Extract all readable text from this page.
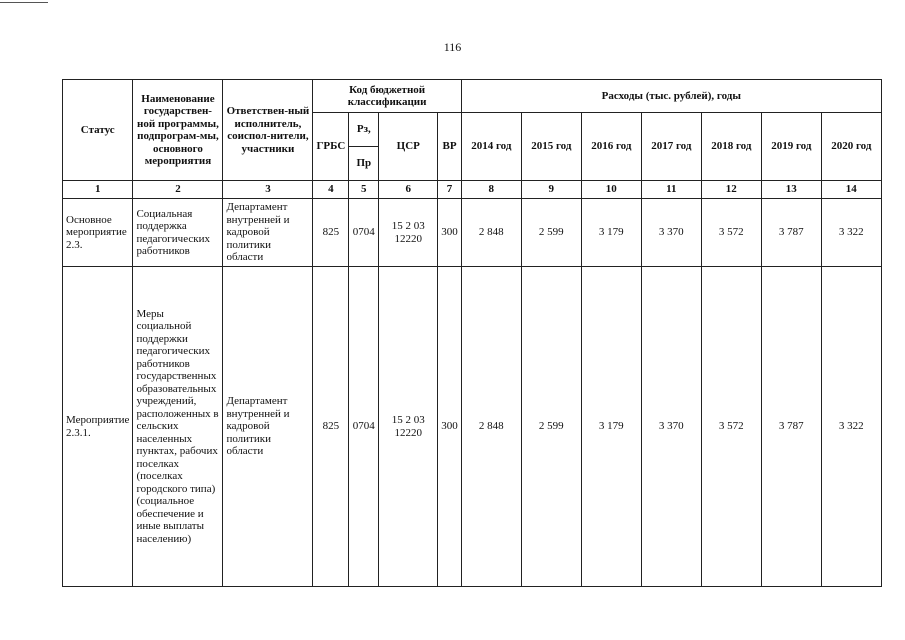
116
Статус	Наименование государствен-ной программы, подпрограм-мы, основного мероприятия	Ответствен-ный исполнитель, соиспол-нители, участники	Код бюджетной классификации				Расходы (тыс. рублей), годы						
			ГРБС	Рз,	ЦСР	ВР	2014 год	2015 год	2016 год	2017 год	2018 год	2019 год	2020 год
				Пр									
1	2	3	4	5	6	7	8	9	10	11	12	13	14
Основное мероприятие 2.3.	Социальная поддержка педагогических работников	Департамент внутренней и кадровой политики области	825	0704	15 2 03 12220	300	2 848	2 599	3 179	3 370	3 572	3 787	3 322
Мероприятие 2.3.1.	Меры социальной поддержки педагогических работников государственных образовательных учреждений, расположенных в сельских населенных пунктах, рабочих поселках (поселках городского типа) (социальное обеспечение и иные выплаты населению)	Департамент внутренней и кадровой политики области	825	0704	15 2 03 12220	300	2 848	2 599	3 179	3 370	3 572	3 787	3 322
